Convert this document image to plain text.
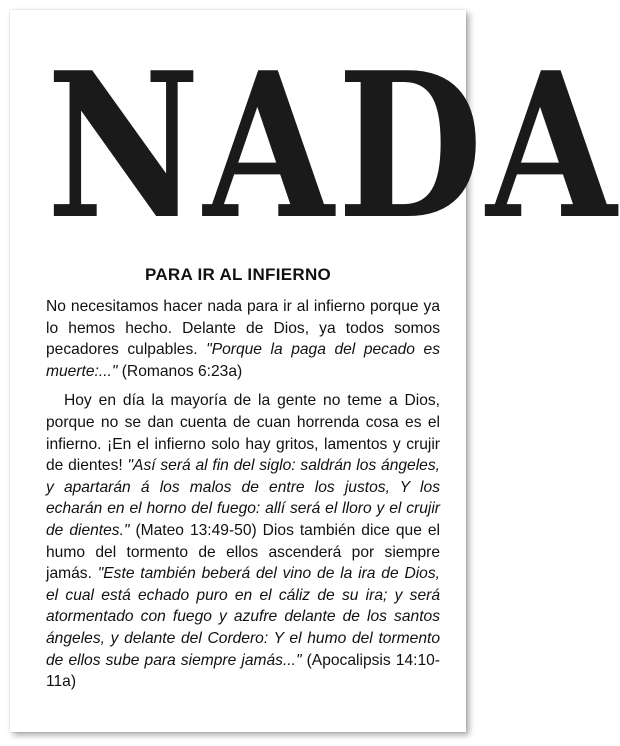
NADA
PARA IR AL INFIERNO

No necesitamos hacer nada para ir al infierno porque ya lo hemos hecho. Delante de Dios, ya todos somos pecadores culpables. "Porque la paga del pecado es muerte:..." (Romanos 6:23a)

Hoy en día la mayoría de la gente no teme a Dios, porque no se dan cuenta de cuan horrenda cosa es el infierno. ¡En el infierno solo hay gritos, lamentos y crujir de dientes! "Así será al fin del siglo: saldrán los ángeles, y apartarán á los malos de entre los justos, Y los echarán en el horno del fuego: allí será el lloro y el crujir de dientes." (Mateo 13:49-50) Dios también dice que el humo del tormento de ellos ascenderá por siempre jamás. "Este también beberá del vino de la ira de Dios, el cual está echado puro en el cáliz de su ira; y será atormentado con fuego y azufre delante de los santos ángeles, y delante del Cordero: Y el humo del tormento de ellos sube para siempre jamás..." (Apocalipsis 14:10-11a)
